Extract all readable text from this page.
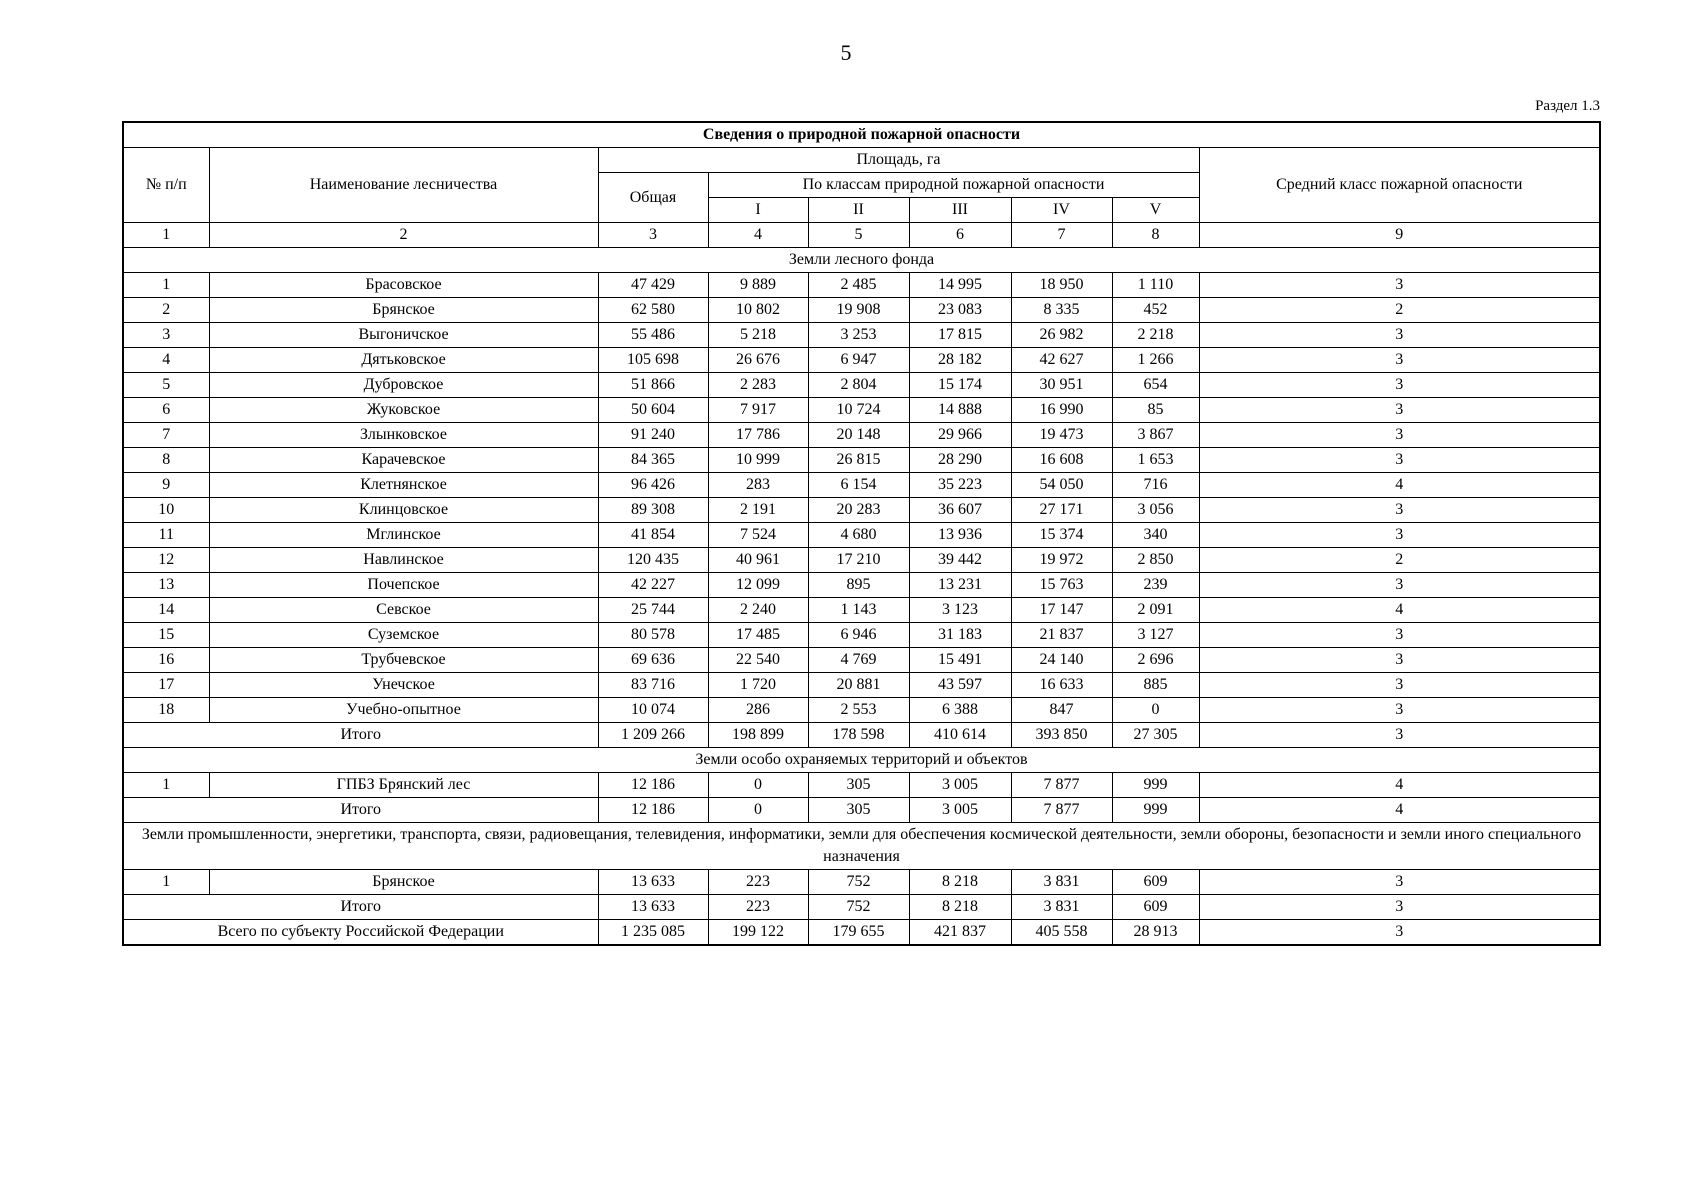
5
Раздел 1.3
Сведения о природной пожарной опасности								
№ п/п	Наименование лесничества	Площадь, га						Средний класс пожарной опасности
		Общая	По классам природной пожарной опасности					
			I	II	III	IV	V	
1	2	3	4	5	6	7	8	9
Земли лесного фонда								
1	Брасовское	47 429	9 889	2 485	14 995	18 950	1 110	3
2	Брянское	62 580	10 802	19 908	23 083	8 335	452	2
3	Выгоничское	55 486	5 218	3 253	17 815	26 982	2 218	3
4	Дятьковское	105 698	26 676	6 947	28 182	42 627	1 266	3
5	Дубровское	51 866	2 283	2 804	15 174	30 951	654	3
6	Жуковское	50 604	7 917	10 724	14 888	16 990	85	3
7	Злынковское	91 240	17 786	20 148	29 966	19 473	3 867	3
8	Карачевское	84 365	10 999	26 815	28 290	16 608	1 653	3
9	Клетнянское	96 426	283	6 154	35 223	54 050	716	4
10	Клинцовское	89 308	2 191	20 283	36 607	27 171	3 056	3
11	Мглинское	41 854	7 524	4 680	13 936	15 374	340	3
12	Навлинское	120 435	40 961	17 210	39 442	19 972	2 850	2
13	Почепское	42 227	12 099	895	13 231	15 763	239	3
14	Севское	25 744	2 240	1 143	3 123	17 147	2 091	4
15	Суземское	80 578	17 485	6 946	31 183	21 837	3 127	3
16	Трубчевское	69 636	22 540	4 769	15 491	24 140	2 696	3
17	Унечское	83 716	1 720	20 881	43 597	16 633	885	3
18	Учебно-опытное	10 074	286	2 553	6 388	847	0	3
Итого		1 209 266	198 899	178 598	410 614	393 850	27 305	3
Земли особо охраняемых территорий и объектов								
1	ГПБЗ Брянский лес	12 186	0	305	3 005	7 877	999	4
Итого		12 186	0	305	3 005	7 877	999	4
Земли промышленности, энергетики, транспорта, связи, радиовещания, телевидения, информатики, земли для обеспечения космической деятельности, земли обороны, безопасности и земли иного специального назначения								
1	Брянское	13 633	223	752	8 218	3 831	609	3
Итого		13 633	223	752	8 218	3 831	609	3
Всего по субъекту Российской Федерации		1 235 085	199 122	179 655	421 837	405 558	28 913	3
